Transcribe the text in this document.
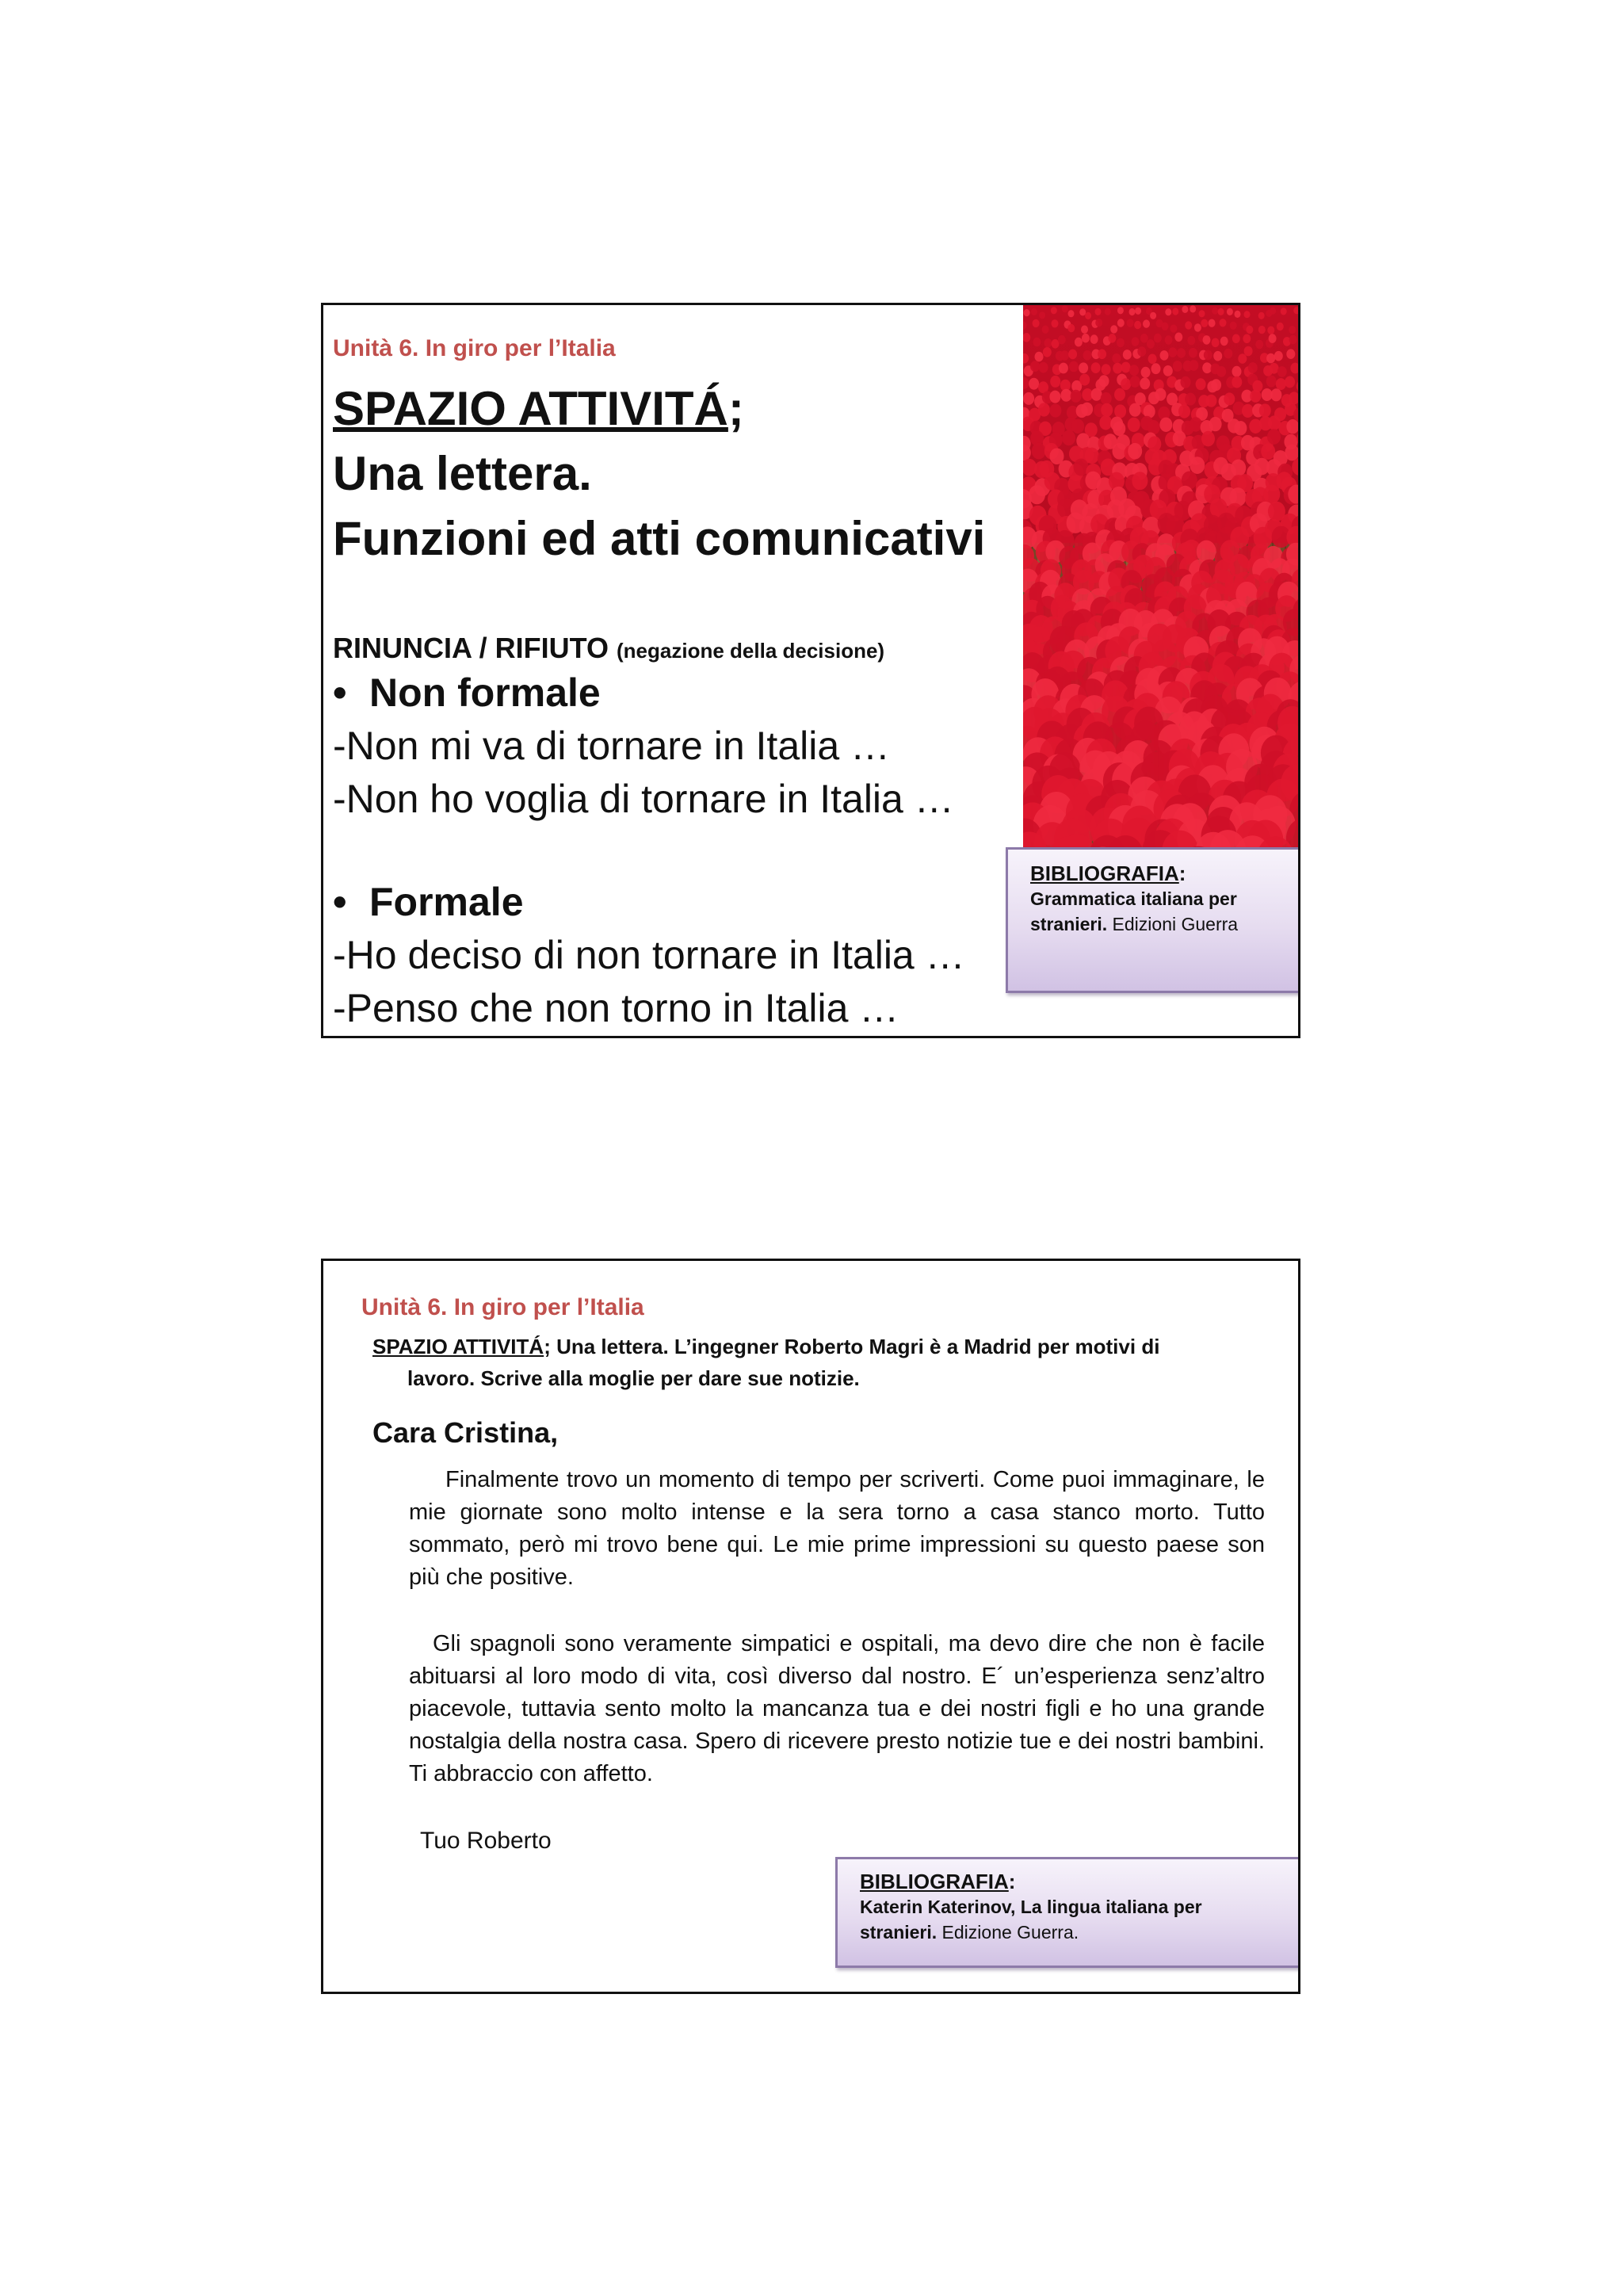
Unità 6. In giro per l’Italia
SPAZIO ATTIVITÁ;
Una lettera.
Funzioni ed atti comunicativi
RINUNCIA / RIFIUTO (negazione della decisione)
• Non formale
-Non mi va di tornare in Italia …
-Non ho voglia di tornare in Italia …
• Formale
-Ho deciso di non tornare in Italia …
-Penso che non torno in Italia …
BIBLIOGRAFIA:
Grammatica italiana per stranieri. Edizioni Guerra
Unità 6. In giro per l’Italia
SPAZIO ATTIVITÁ; Una lettera. L’ingegner Roberto Magri è a Madrid per motivi di
lavoro. Scrive alla moglie per dare sue notizie.
Cara Cristina,
Finalmente trovo un momento di tempo per scriverti. Come puoi immaginare, le mie giornate sono molto intense e la sera torno a casa stanco morto. Tutto sommato, però mi trovo bene qui. Le mie prime impressioni su questo paese son più che positive.
Gli spagnoli sono veramente simpatici e ospitali, ma devo dire che non è facile abituarsi al loro modo di vita, così diverso dal nostro. E´ un’esperienza senz’altro piacevole, tuttavia sento molto la mancanza tua e dei nostri figli e ho una grande nostalgia della nostra casa. Spero di ricevere presto notizie tue e dei nostri bambini. Ti abbraccio con affetto.
Tuo Roberto
BIBLIOGRAFIA:
Katerin Katerinov, La lingua italiana per stranieri. Edizione Guerra.
